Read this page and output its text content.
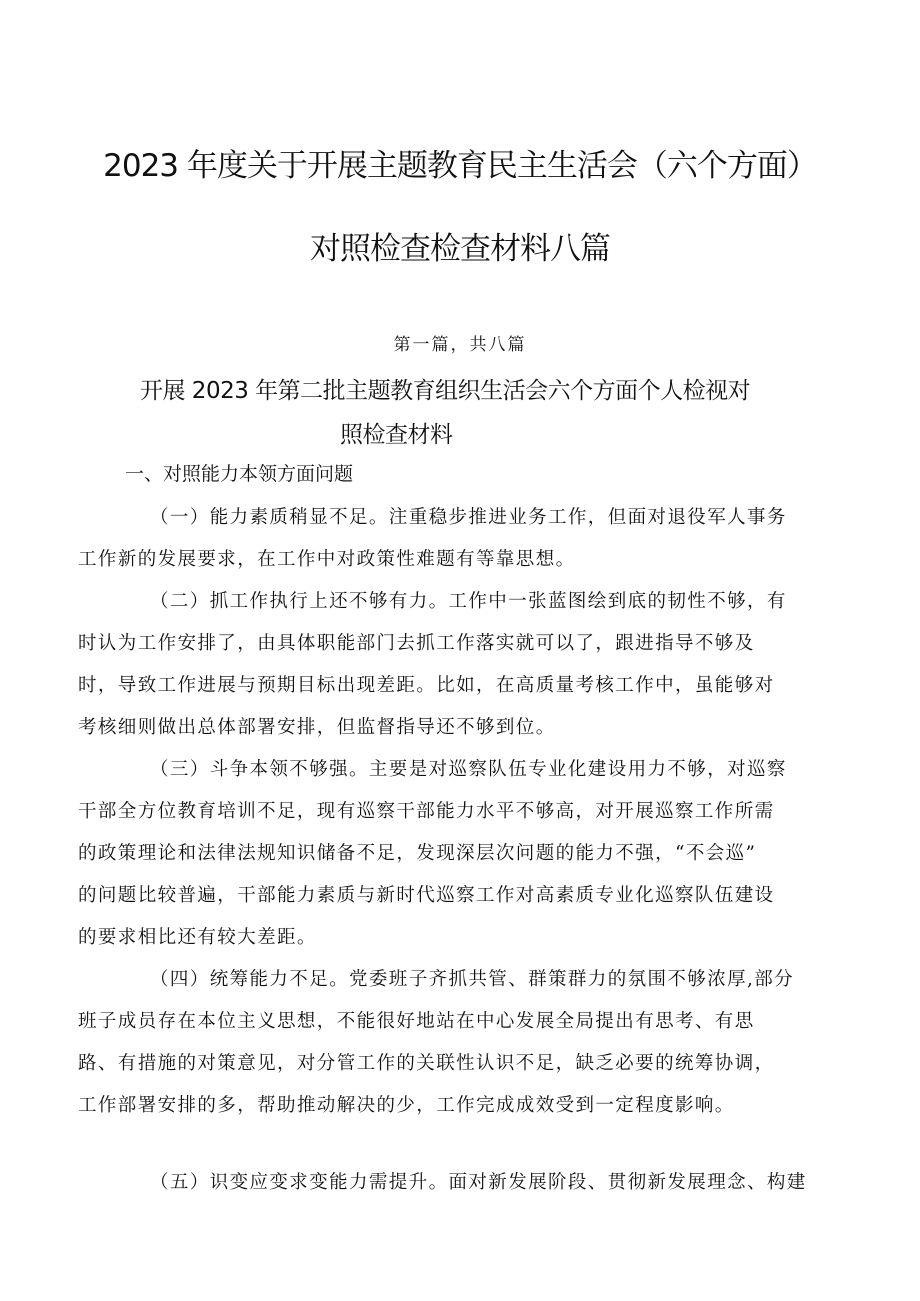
2023 年度关于开展主题教育民主生活会（六个方面）
对照检查检查材料八篇
第一篇，共八篇
开展 2023 年第二批主题教育组织生活会六个方面个人检视对
照检查材料
一、对照能力本领方面问题
（一）能力素质稍显不足。注重稳步推进业务工作，但面对退役军人事务
工作新的发展要求，在工作中对政策性难题有等靠思想。
（二）抓工作执行上还不够有力。工作中一张蓝图绘到底的韧性不够，有
时认为工作安排了，由具体职能部门去抓工作落实就可以了，跟进指导不够及
时，导致工作进展与预期目标出现差距。比如，在高质量考核工作中，虽能够对
考核细则做出总体部署安排，但监督指导还不够到位。
（三）斗争本领不够强。主要是对巡察队伍专业化建设用力不够，对巡察
干部全方位教育培训不足，现有巡察干部能力水平不够高，对开展巡察工作所需
的政策理论和法律法规知识储备不足，发现深层次问题的能力不强，“不会巡”
的问题比较普遍，干部能力素质与新时代巡察工作对高素质专业化巡察队伍建设
的要求相比还有较大差距。
（四）统筹能力不足。党委班子齐抓共管、群策群力的氛围不够浓厚,部分
班子成员存在本位主义思想，不能很好地站在中心发展全局提出有思考、有思
路、有措施的对策意见，对分管工作的关联性认识不足，缺乏必要的统筹协调，
工作部署安排的多，帮助推动解决的少，工作完成成效受到一定程度影响。
（五）识变应变求变能力需提升。面对新发展阶段、贯彻新发展理念、构建
